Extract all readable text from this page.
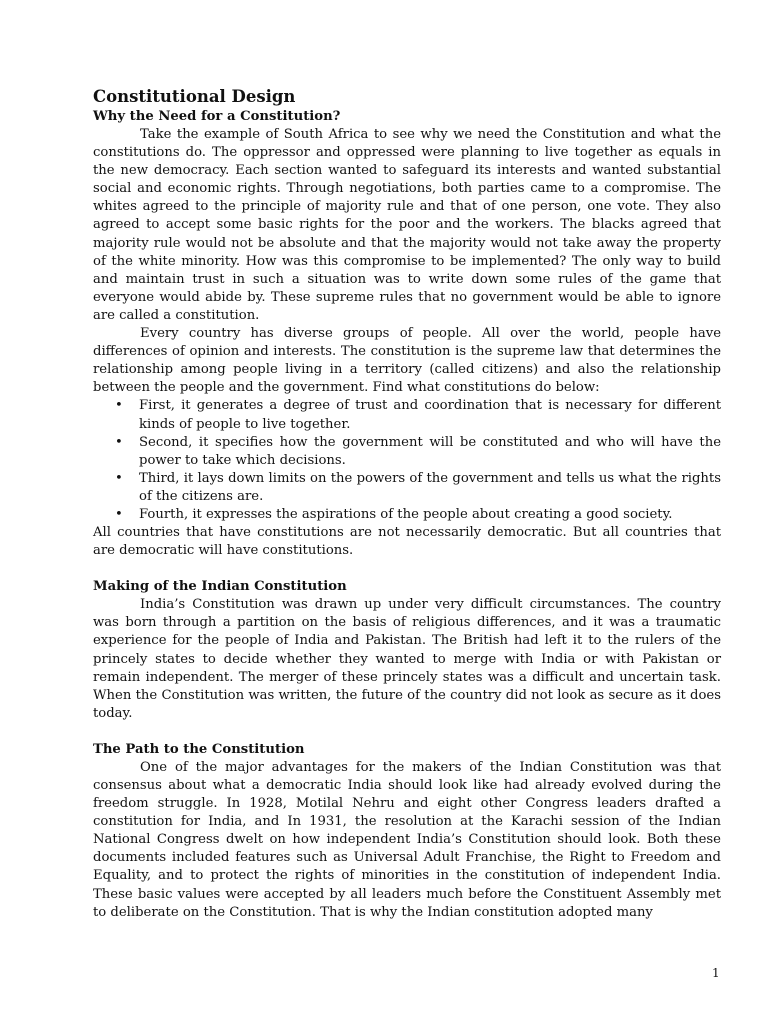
Constitutional Design
Why the Need for a Constitution?

Take the example of South Africa to see why we need the Constitution and what the constitutions do. The oppressor and oppressed were planning to live together as equals in the new democracy. Each section wanted to safeguard its interests and wanted substantial social and economic rights. Through negotiations, both parties came to a compromise. The whites agreed to the principle of majority rule and that of one person, one vote. They also agreed to accept some basic rights for the poor and the workers. The blacks agreed that majority rule would not be absolute and that the majority would not take away the property of the white minority. How was this compromise to be implemented? The only way to build and maintain trust in such a situation was to write down some rules of the game that everyone would abide by. These supreme rules that no government would be able to ignore are called a constitution.

Every country has diverse groups of people. All over the world, people have differences of opinion and interests. The constitution is the supreme law that determines the relationship among people living in a territory (called citizens) and also the relationship between the people and the government. Find what constitutions do below:

• First, it generates a degree of trust and coordination that is necessary for different kinds of people to live together.
• Second, it specifies how the government will be constituted and who will have the power to take which decisions.
• Third, it lays down limits on the powers of the government and tells us what the rights of the citizens are.
• Fourth, it expresses the aspirations of the people about creating a good society.

All countries that have constitutions are not necessarily democratic. But all countries that are democratic will have constitutions.

Making of the Indian Constitution

India’s Constitution was drawn up under very difficult circumstances. The country was born through a partition on the basis of religious differences, and it was a traumatic experience for the people of India and Pakistan. The British had left it to the rulers of the princely states to decide whether they wanted to merge with India or with Pakistan or remain independent. The merger of these princely states was a difficult and uncertain task. When the Constitution was written, the future of the country did not look as secure as it does today.

The Path to the Constitution

One of the major advantages for the makers of the Indian Constitution was that consensus about what a democratic India should look like had already evolved during the freedom struggle. In 1928, Motilal Nehru and eight other Congress leaders drafted a constitution for India, and In 1931, the resolution at the Karachi session of the Indian National Congress dwelt on how independent India’s Constitution should look. Both these documents included features such as Universal Adult Franchise, the Right to Freedom and Equality, and to protect the rights of minorities in the constitution of independent India. These basic values were accepted by all leaders much before the Constituent Assembly met to deliberate on the Constitution. That is why the Indian constitution adopted many

1
